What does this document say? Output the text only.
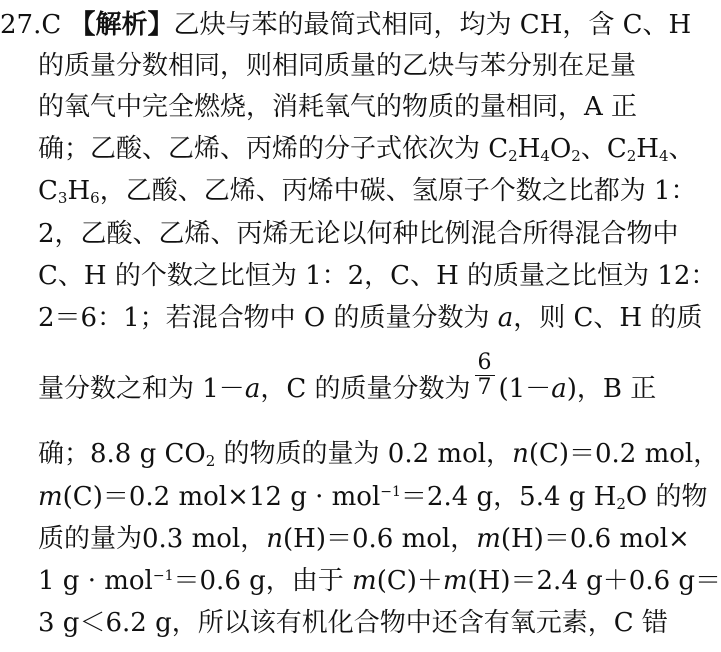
27.C 【解析】乙炔与苯的最简式相同，均为 CH，含 C、H
的质量分数相同，则相同质量的乙炔与苯分别在足量
的氧气中完全燃烧，消耗氧气的物质的量相同，A 正
确；乙酸、乙烯、丙烯的分子式依次为 $C_2H_4O_2$、$C_2H_4$、
$C_3H_6$，乙酸、乙烯、丙烯中碳、氢原子个数之比都为 1：
2，乙酸、乙烯、丙烯无论以何种比例混合所得混合物中
C、H 的个数之比恒为 1：2，C、H 的质量之比恒为 12：
2＝6：1；若混合物中 O 的质量分数为 a，则 C、H 的质
量分数之和为 1－a，C 的质量分数为 $\frac{6}{7} (1-a)$，B 正
确；8.8 g $CO_2$ 的物质的量为 0.2 mol，n(C)＝0.2 mol，
m(C)＝0.2 mol×12 g · mol$^{-1}$＝2.4 g，5.4 g $H_2O$ 的物
质的量为0.3 mol，n(H)＝0.6 mol，m(H)＝0.6 mol×
1 g · mol$^{-1}$＝0.6 g，由于 m(C)＋m(H)＝2.4 g＋0.6 g＝
3 g＜6.2 g，所以该有机化合物中还含有氧元素，C 错
